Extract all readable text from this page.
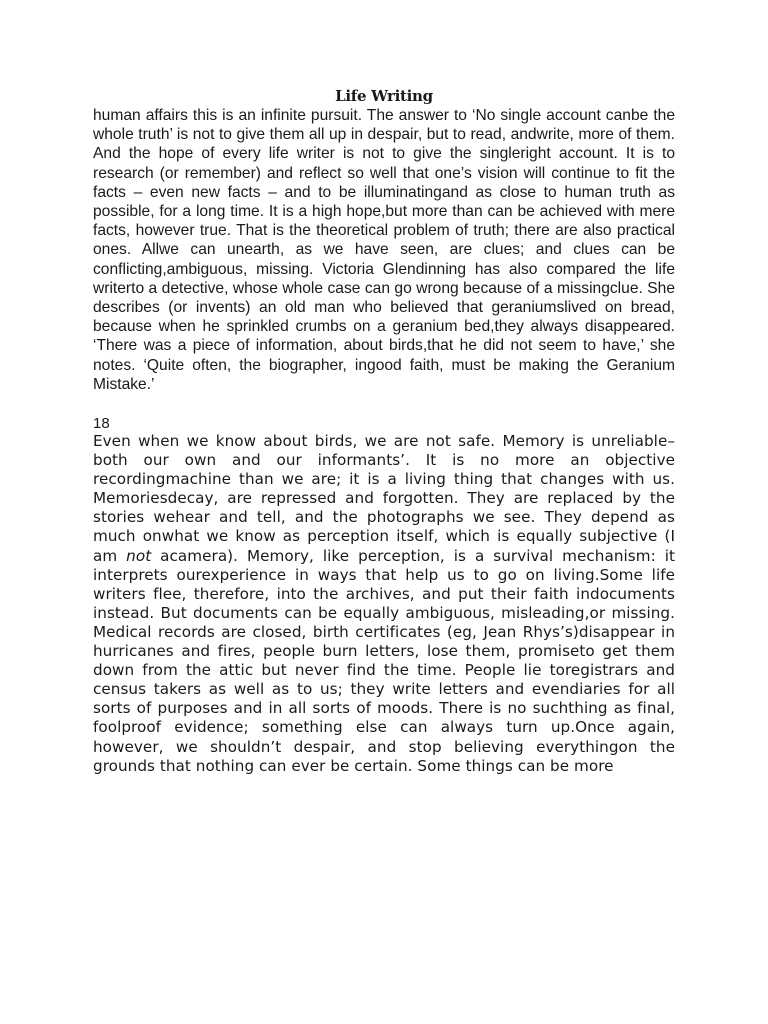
Life Writing

human affairs this is an infinite pursuit. The answer to ‘No single account canbe the whole truth’ is not to give them all up in despair, but to read, andwrite, more of them. And the hope of every life writer is not to give the singleright account. It is to research (or remember) and reflect so well that one’s vision will continue to fit the facts – even new facts – and to be illuminatingand as close to human truth as possible, for a long time. It is a high hope,but more than can be achieved with mere facts, however true. That is the theoretical problem of truth; there are also practical ones. Allwe can unearth, as we have seen, are clues; and clues can be conflicting,ambiguous, missing. Victoria Glendinning has also compared the life writerto a detective, whose whole case can go wrong because of a missingclue. She describes (or invents) an old man who believed that geraniumslived on bread, because when he sprinkled crumbs on a geranium bed,they always disappeared. ‘There was a piece of information, about birds,that he did not seem to have,’ she notes. ‘Quite often, the biographer, ingood faith, must be making the Geranium Mistake.’

18

Even when we know about birds, we are not safe. Memory is unreliable– both our own and our informants’. It is no more an objective recordingmachine than we are; it is a living thing that changes with us. Memoriesdecay, are repressed and forgotten. They are replaced by the stories wehear and tell, and the photographs we see. They depend as much onwhat we know as perception itself, which is equally subjective (I am not acamera). Memory, like perception, is a survival mechanism: it interprets ourexperience in ways that help us to go on living.Some life writers flee, therefore, into the archives, and put their faith indocuments instead. But documents can be equally ambiguous, misleading,or missing. Medical records are closed, birth certificates (eg, Jean Rhys’s)disappear in hurricanes and fires, people burn letters, lose them, promiseto get them down from the attic but never find the time. People lie toregistrars and census takers as well as to us; they write letters and evendiaries for all sorts of purposes and in all sorts of moods. There is no suchthing as final, foolproof evidence; something else can always turn up.Once again, however, we shouldn’t despair, and stop believing everythingon the grounds that nothing can ever be certain. Some things can be more
